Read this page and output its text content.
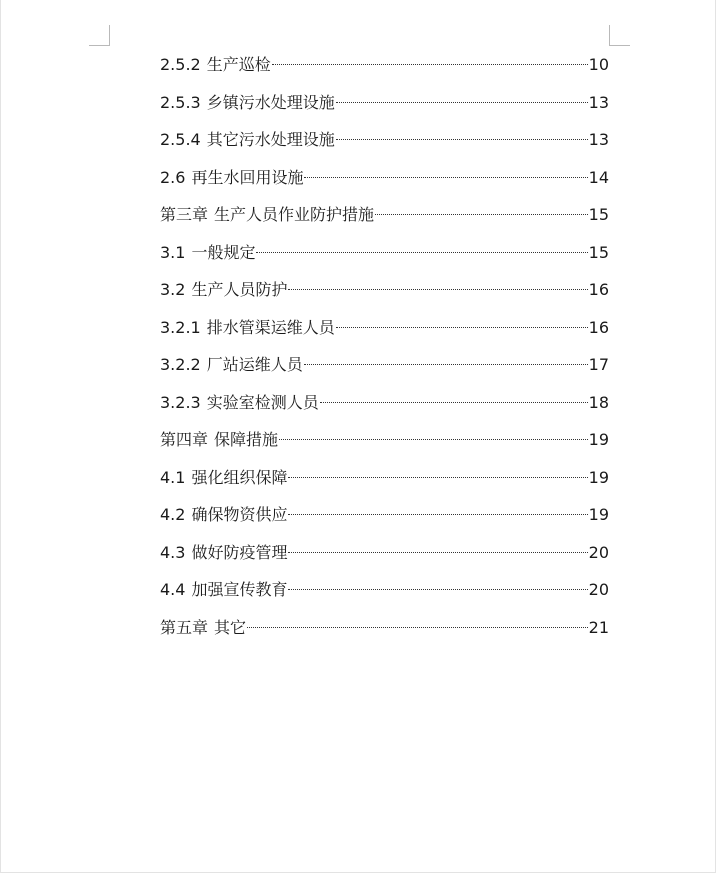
2.5.2 生产巡检	10
2.5.3 乡镇污水处理设施	13
2.5.4 其它污水处理设施	13
2.6 再生水回用设施	14
第三章 生产人员作业防护措施	15
3.1 一般规定	15
3.2 生产人员防护	16
3.2.1 排水管渠运维人员	16
3.2.2 厂站运维人员	17
3.2.3 实验室检测人员	18
第四章 保障措施	19
4.1 强化组织保障	19
4.2 确保物资供应	19
4.3 做好防疫管理	20
4.4 加强宣传教育	20
第五章 其它	21
